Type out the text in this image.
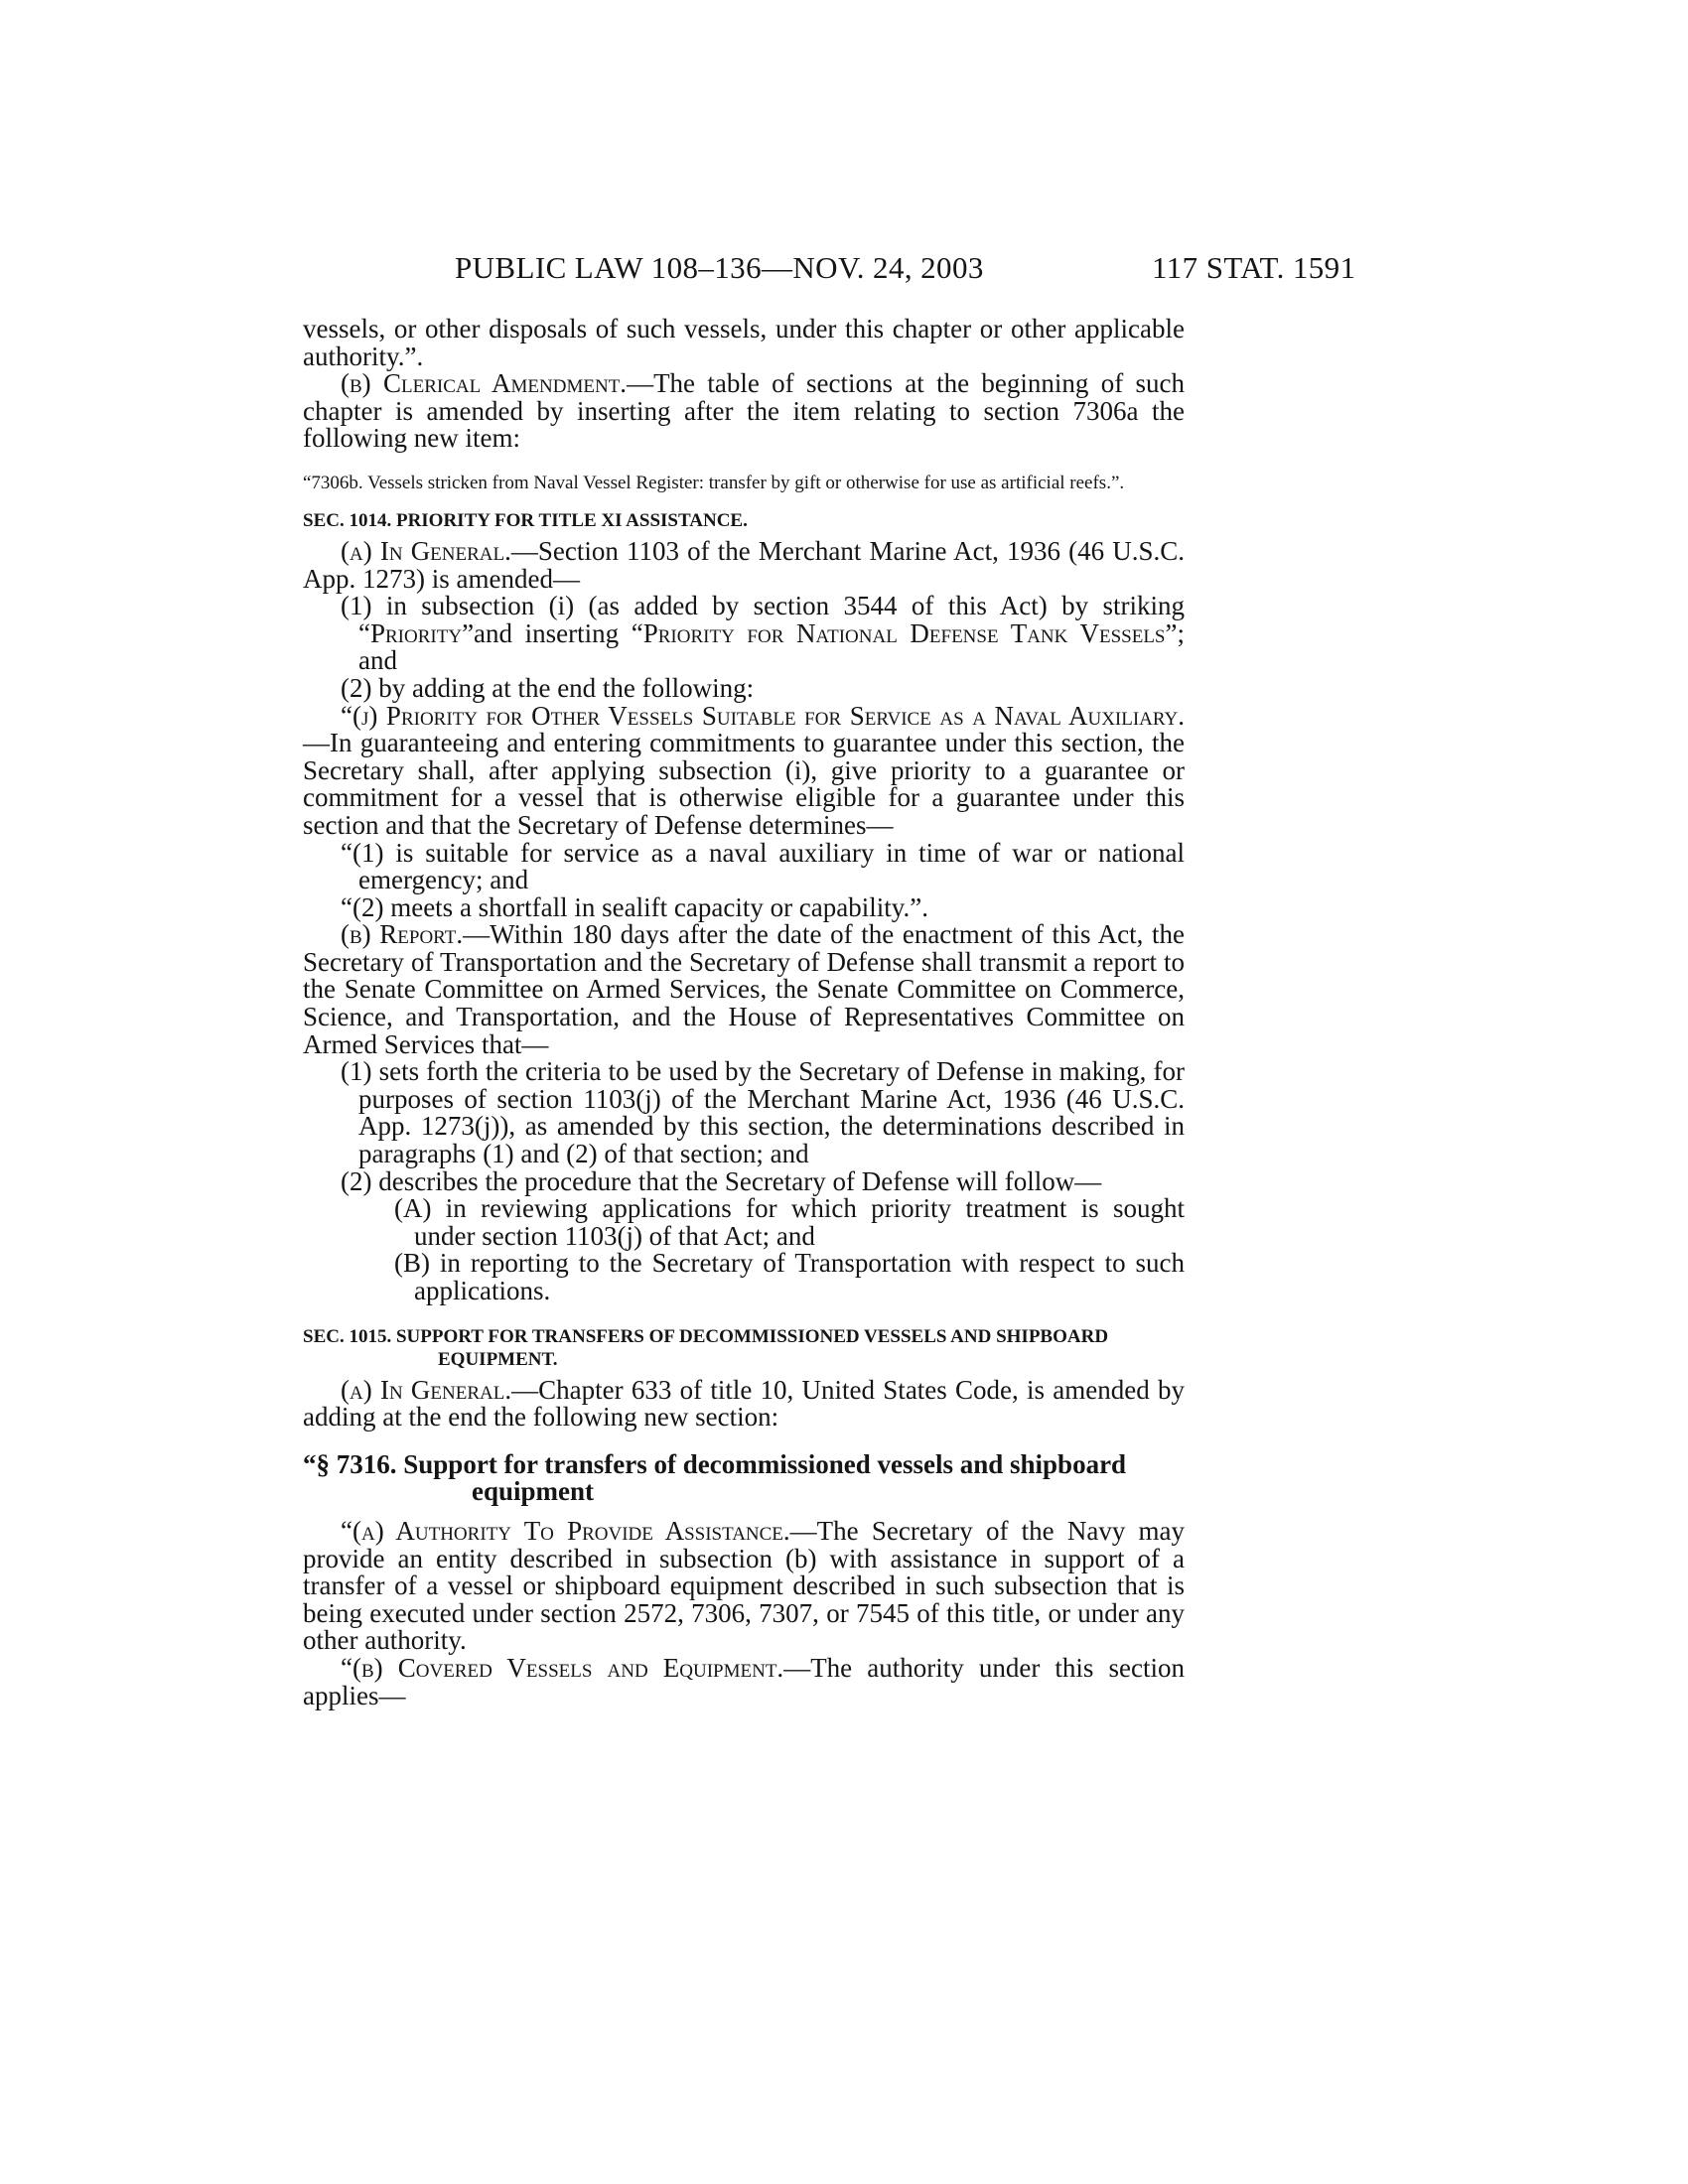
PUBLIC LAW 108–136—NOV. 24, 2003	117 STAT. 1591

vessels, or other disposals of such vessels, under this chapter or other applicable authority.”.

(b) Clerical Amendment.—The table of sections at the beginning of such chapter is amended by inserting after the item relating to section 7306a the following new item:

“7306b. Vessels stricken from Naval Vessel Register: transfer by gift or otherwise for use as artificial reefs.”.

SEC. 1014. PRIORITY FOR TITLE XI ASSISTANCE.

(a) In General.—Section 1103 of the Merchant Marine Act, 1936 (46 U.S.C. App. 1273) is amended—

(1) in subsection (i) (as added by section 3544 of this Act) by striking “Priority”and inserting “Priority for National Defense Tank Vessels”; and

(2) by adding at the end the following:

“(j) Priority for Other Vessels Suitable for Service as a Naval Auxiliary.—In guaranteeing and entering commitments to guarantee under this section, the Secretary shall, after applying subsection (i), give priority to a guarantee or commitment for a vessel that is otherwise eligible for a guarantee under this section and that the Secretary of Defense determines—

“(1) is suitable for service as a naval auxiliary in time of war or national emergency; and

“(2) meets a shortfall in sealift capacity or capability.”.

(b) Report.—Within 180 days after the date of the enactment of this Act, the Secretary of Transportation and the Secretary of Defense shall transmit a report to the Senate Committee on Armed Services, the Senate Committee on Commerce, Science, and Transportation, and the House of Representatives Committee on Armed Services that—

(1) sets forth the criteria to be used by the Secretary of Defense in making, for purposes of section 1103(j) of the Merchant Marine Act, 1936 (46 U.S.C. App. 1273(j)), as amended by this section, the determinations described in paragraphs (1) and (2) of that section; and

(2) describes the procedure that the Secretary of Defense will follow—

(A) in reviewing applications for which priority treatment is sought under section 1103(j) of that Act; and

(B) in reporting to the Secretary of Transportation with respect to such applications.

SEC. 1015. SUPPORT FOR TRANSFERS OF DECOMMISSIONED VESSELS AND SHIPBOARD EQUIPMENT.

(a) In General.—Chapter 633 of title 10, United States Code, is amended by adding at the end the following new section:

“§ 7316. Support for transfers of decommissioned vessels and shipboard equipment

“(a) Authority To Provide Assistance.—The Secretary of the Navy may provide an entity described in subsection (b) with assistance in support of a transfer of a vessel or shipboard equipment described in such subsection that is being executed under section 2572, 7306, 7307, or 7545 of this title, or under any other authority.

“(b) Covered Vessels and Equipment.—The authority under this section applies—
